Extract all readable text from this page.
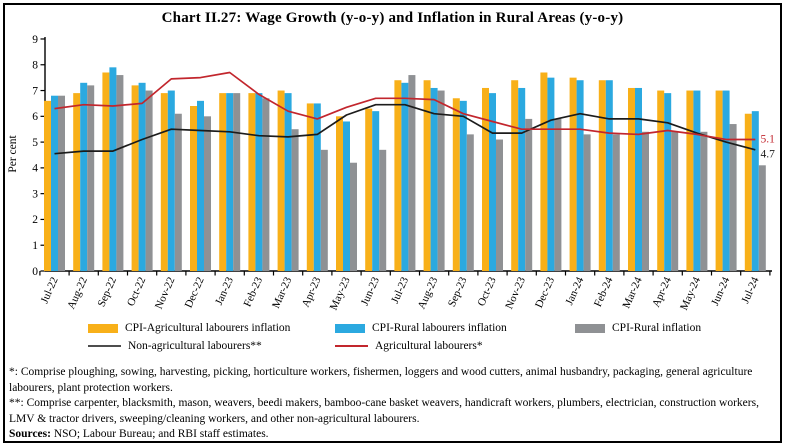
Chart II.27: Wage Growth (y-o-y) and Inflation in Rural Areas (y-o-y)
0
1
2
3
4
5
6
7
8
9
Per cent
Jul-22 Aug-22 Sep-22 Oct-22 Nov-22 Dec-22 Jan-23 Feb-23 Mar-23 Apr-23 May-23 Jun-23 Jul-23 Aug-23 Sep-23 Oct-23 Nov-23 Dec-23 Jan-24 Feb-24 Mar-24 Apr-24 May-24 Jun-24 Jul-24
4.7
5.1
CPI-Agricultural labourers inflation	CPI-Rural labourers inflation	CPI-Rural inflation
Non-agricultural labourers**	Agricultural labourers*

*: Comprise ploughing, sowing, harvesting, picking, horticulture workers, fishermen, loggers and wood cutters, animal husbandry, packaging, general agriculture labourers, plant protection workers.

**: Comprise carpenter, blacksmith, mason, weavers, beedi makers, bamboo-cane basket weavers, handicraft workers, plumbers, electrician, construction workers, LMV & tractor drivers, sweeping/cleaning workers, and other non-agricultural labourers.

Sources: NSO; Labour Bureau; and RBI staff estimates.
